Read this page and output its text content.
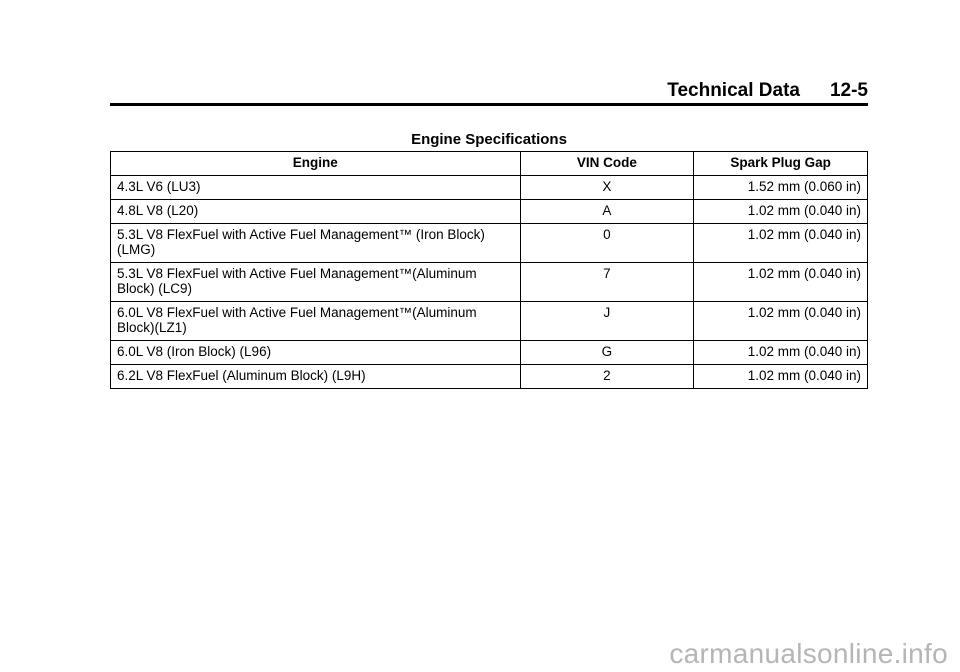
Technical Data 12-5
Engine Specifications
Engine	VIN Code	Spark Plug Gap
4.3L V6 (LU3)	X	1.52 mm (0.060 in)
4.8L V8 (L20)	A	1.02 mm (0.040 in)
5.3L V8 FlexFuel with Active Fuel Management™ (Iron Block) (LMG)	0	1.02 mm (0.040 in)
5.3L V8 FlexFuel with Active Fuel Management™(Aluminum Block) (LC9)	7	1.02 mm (0.040 in)
6.0L V8 FlexFuel with Active Fuel Management™(Aluminum Block)(LZ1)	J	1.02 mm (0.040 in)
6.0L V8 (Iron Block) (L96)	G	1.02 mm (0.040 in)
6.2L V8 FlexFuel (Aluminum Block) (L9H)	2	1.02 mm (0.040 in)
carmanualsonline.info
